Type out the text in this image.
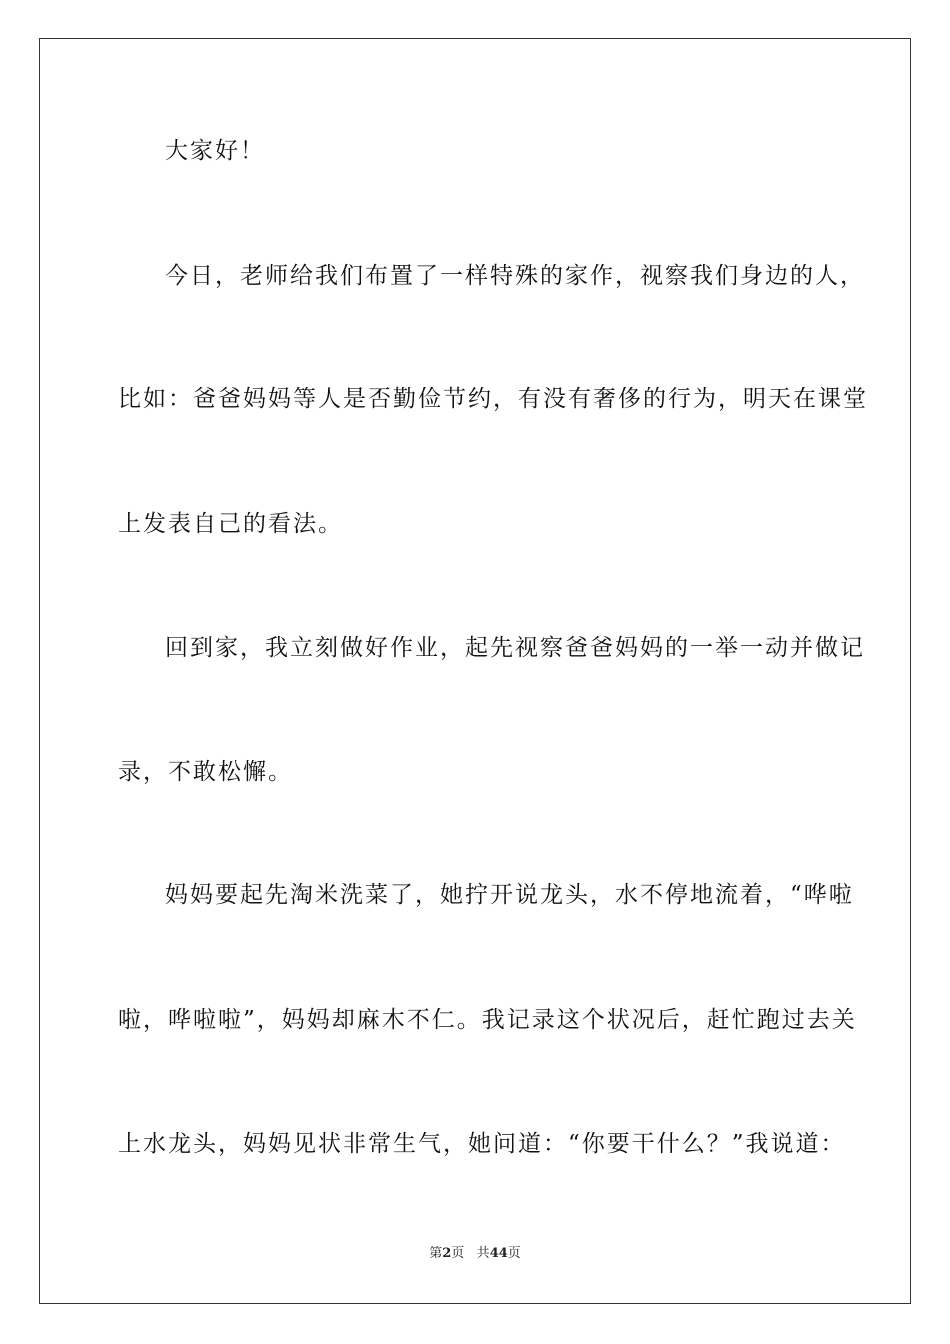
大家好！
今日，老师给我们布置了一样特殊的家作，视察我们身边的人，
比如：爸爸妈妈等人是否勤俭节约，有没有奢侈的行为，明天在课堂
上发表自己的看法。
回到家，我立刻做好作业，起先视察爸爸妈妈的一举一动并做记
录，不敢松懈。
妈妈要起先淘米洗菜了，她拧开说龙头，水不停地流着，“哗啦
啦，哗啦啦”，妈妈却麻木不仁。我记录这个状况后，赶忙跑过去关
上水龙头，妈妈见状非常生气，她问道：“你要干什么？”我说道：
第2页 共44页
